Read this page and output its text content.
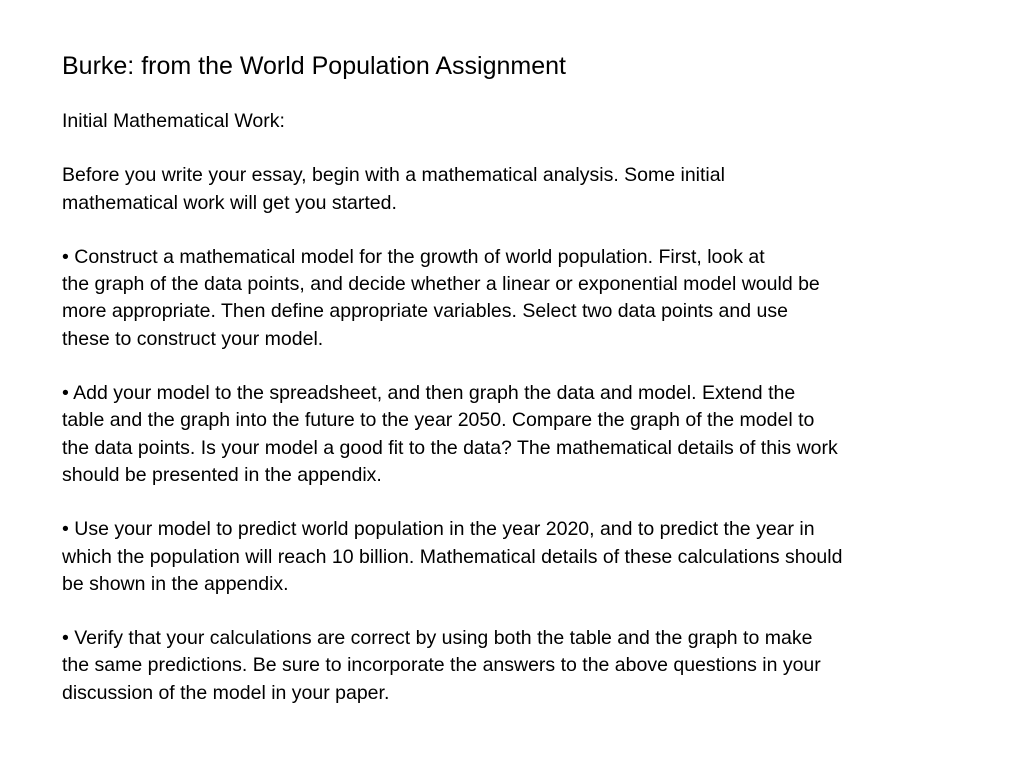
Burke: from the World Population Assignment

Initial Mathematical Work:

Before you write your essay, begin with a mathematical analysis. Some initial
mathematical work will get you started.

• Construct a mathematical model for the growth of world population. First, look at
the graph of the data points, and decide whether a linear or exponential model would be
more appropriate. Then define appropriate variables. Select two data points and use
these to construct your model.

• Add your model to the spreadsheet, and then graph the data and model. Extend the
table and the graph into the future to the year 2050. Compare the graph of the model to
the data points. Is your model a good fit to the data? The mathematical details of this work
should be presented in the appendix.

• Use your model to predict world population in the year 2020, and to predict the year in
which the population will reach 10 billion. Mathematical details of these calculations should
be shown in the appendix.

• Verify that your calculations are correct by using both the table and the graph to make
the same predictions. Be sure to incorporate the answers to the above questions in your
discussion of the model in your paper.
